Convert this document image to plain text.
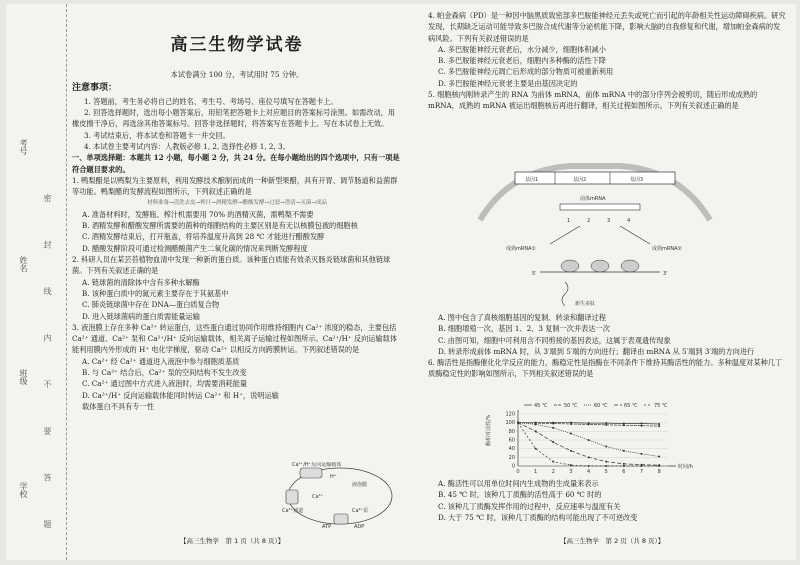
考号
姓名
班级
学校 密 封 线 内 不 要 答 题
高三生物学试卷

本试卷满分 100 分，考试用时 75 分钟。

注意事项：

1. 答题前，考生务必将自己的姓名、考生号、考场号、座位号填写在答题卡上。

2. 回答选择题时，选出每小题答案后，用铅笔把答题卡上对应题目的答案标号涂黑。如需改动，用橡皮擦干净后，再选涂其他答案标号。回答非选择题时，将答案写在答题卡上。写在本试卷上无效。

3. 考试结束后，将本试卷和答题卡一并交回。

4. 本试卷主要考试内容：人教版必修 1, 2, 选择性必修 1, 2, 3。

一、单项选择题：本题共 12 小题，每小题 2 分，共 24 分。在每小题给出的四个选项中，只有一项是符合题目要求的。

1. 鸭梨醋是以鸭梨为主要原料，利用发酵技术酿制而成的一种新型果醋，具有开胃、调节肠道和益菌群等功能。鸭梨醋的发酵流程如图所示，下列叙述正确的是

材料准备→清洗去皮→榨汁→酒精发酵→醋酸发酵→过滤→澄清→灭菌→成品

A. 准备材料时，发酵瓶、榨汁机需要用 70% 的酒精灭菌，需鸭梨不需要

B. 酒精发酵和醋酸发酵所需要的菌种的细胞结构的主要区别是有无以核膜包被的细胞核

C. 酒精发酵结束后，打开瓶盖，将培养温度升高到 28 ℃ 才能进行醋酸发酵

D. 醋酸发酵阶段可通过检测醋酸菌产生二氧化碳的情况来判断发酵程度

2. 科研人员在某芸苔植物血清中发现一种新的蛋白质。该种蛋白质能有效杀灭肠炎链球菌和其他链球菌。下列有关叙述正确的是

A. 链球菌的清除体中含有多种水解酶

B. 该种蛋白质中的氮元素主要存在于其氨基中

C. 肺炎链球菌中存在 DNA—蛋白质复合物

D. 进入链球菌病的蛋白质需能量运输

3. 液泡膜上存在多种 Ca²⁺ 转运蛋白，这些蛋白通过协同作用维持细胞内 Ca²⁺ 浓度的稳态，主要包括 Ca²⁺ 通道、Ca²⁺ 泵和 Ca²⁺/H⁺ 反向运输载体，相关离子运输过程如图所示。Ca²⁺/H⁺ 反向运输载体能利用膜内外形成的 H⁺ 电化学梯度，驱动 Ca²⁺ 以相反方向跨膜转运。下列叙述错误的是

A. Ca²⁺ 经 Ca²⁺ 通道进入液泡中参与细胞质基质

B. 与 Ca²⁺ 结合后，Ca²⁺ 泵的空间结构不发生改变

C. Ca²⁺ 通过图中方式进入液泡时，均需要消耗能量

D. Ca²⁺/H⁺ 反向运输载体能同时转运 Ca²⁺ 和 H⁺，说明运输载体蛋白不具有专一性

Ca²⁺/H⁺反向运输载体
液泡膜
H⁺
Ca²⁺
Ca²⁺泵
Ca²⁺通道
ATP	ADP
【高三生物学　第 1 页（共 8 页）】

4. 帕金森病（PD）是一种因中脑黑质致密部多巴胺能神经元丢失或死亡而引起的年龄相关性运动障碍疾病。研究发现，长期缺乏运动可能导致多巴胺合成代谢等分泌机能下降，影响大脑的自我修复和代谢，增加帕金森病的发病风险。下列有关叙述错误的是

A. 多巴胺能神经元衰老后，水分减少，细胞体积减小

B. 多巴胺能神经元衰老后，细胞内多种酶的活性下降

C. 多巴胺能神经元凋亡后形成的部分物质可被重新利用

D. 多巴胺能神经元衰老主要是由基因决定的

5. 细胞核内刚转录产生的 RNA 为前体 mRNA，前体 mRNA 中的部分序列会被剪切，随后形成成熟的 mRNA，成熟的 mRNA 被运出细胞核后再进行翻译，相关过程如图所示。下列有关叙述正确的是

基因1	基因2	基因3
前体mRNA
1	2	3	4
成熟mRNA①	成熟mRNA②
5'	3'
新生多肽

A. 图中包含了真核细胞基因的复制、转录和翻译过程

B. 细胞增殖一次，基因 1、2、3 复制一次并表达一次

C. 由图可知，细胞中可利用含不同剪接的基因表达，这属于表观遗传现象

D. 转录形成前体 mRNA 时，从 3′端到 5′端的方向进行；翻译由 mRNA 从 5′端到 3′端的方向进行

6. 酶活性是指酶催化化学反应的能力，酶稳定性是指酶在不同条件下维持其酶活性的能力。多种温度对某种几丁质酶稳定性的影响如图所示，下列相关叙述错误的是

0
20
40
60
80
100
120
0	1	2	3	4	5	6	7	8
45 ℃	50 ℃	60 ℃	65 ℃	75 ℃
时间/h
酶相对活性/%

A. 酶活性可以用单位时间内生成物的生成量来表示

B. 45 ℃ 时，该种几丁质酶的活性高于 60 ℃ 时的

C. 该种几丁质酶发挥作用的过程中，反应速率与温度有关

D. 大于 75 ℃ 时，该种几丁质酶的结构可能出现了不可逆改变

【高三生物学　第 2 页（共 8 页）】
